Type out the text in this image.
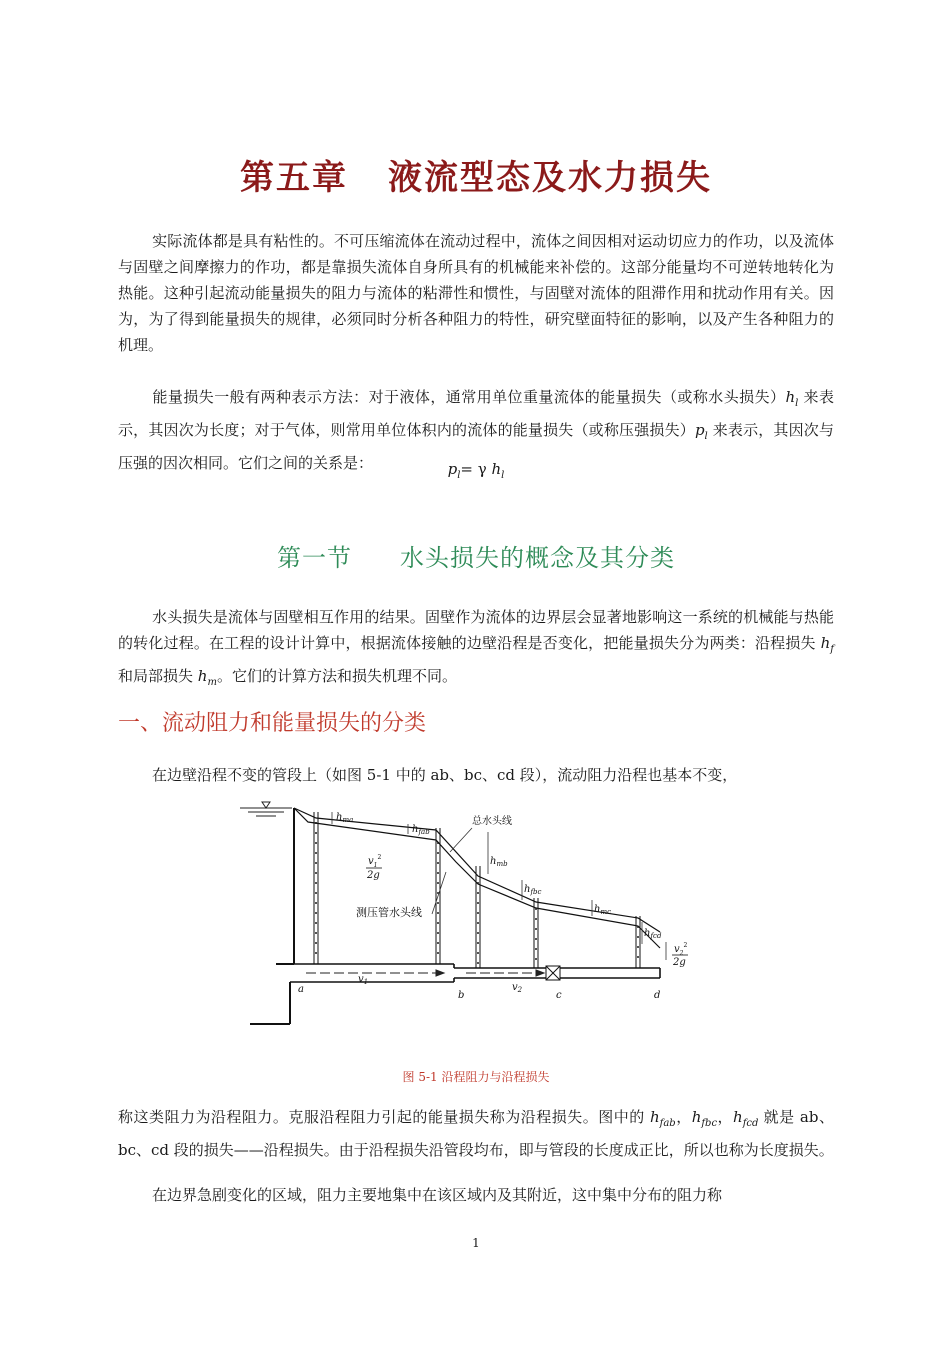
第五章 液流型态及水力损失

实际流体都是具有粘性的。不可压缩流体在流动过程中，流体之间因相对运动切应力的作功，以及流体与固壁之间摩擦力的作功，都是靠损失流体自身所具有的机械能来补偿的。这部分能量均不可逆转地转化为热能。这种引起流动能量损失的阻力与流体的粘滞性和惯性，与固壁对流体的阻滞作用和扰动作用有关。因为，为了得到能量损失的规律，必须同时分析各种阻力的特性，研究壁面特征的影响，以及产生各种阻力的机理。

能量损失一般有两种表示方法：对于液体，通常用单位重量流体的能量损失（或称水头损失）$h_l$ 来表示，其因次为长度；对于气体，则常用单位体积内的流体的能量损失（或称压强损失）$p_l$ 来表示，其因次与压强的因次相同。它们之间的关系是：	$p_l= \gamma$ $h_l$
第一节 水头损失的概念及其分类

水头损失是流体与固壁相互作用的结果。固壁作为流体的边界层会显著地影响这一系统的机械能与热能的转化过程。在工程的设计计算中，根据流体接触的边壁沿程是否变化，把能量损失分为两类：沿程损失 $h_f$ 和局部损失 $h_m$。它们的计算方法和损失机理不同。

一、流动阻力和能量损失的分类

在边壁沿程不变的管段上（如图 5-1 中的 ab、bc、cd 段），流动阻力沿程也基本不变，

$h_{ma}$
$h_{fab}$
总水头线
$h_{mb}$
$h_{fbc}$
$h_{mc}$
$h_{fcd}$
$v_1$	$v_2$
a
b	c	d
测压管水头线
$v_1^2$
2g
$v_2^2$
2g
图 5-1 沿程阻力与沿程损失

称这类阻力为沿程阻力。克服沿程阻力引起的能量损失称为沿程损失。图中的 $h_{fab}$，$h_{fbc}$，$h_{fcd}$ 就是 ab、bc、cd 段的损失——沿程损失。由于沿程损失沿管段均布，即与管段的长度成正比，所以也称为长度损失。

在边界急剧变化的区域，阻力主要地集中在该区域内及其附近，这中集中分布的阻力称

1
